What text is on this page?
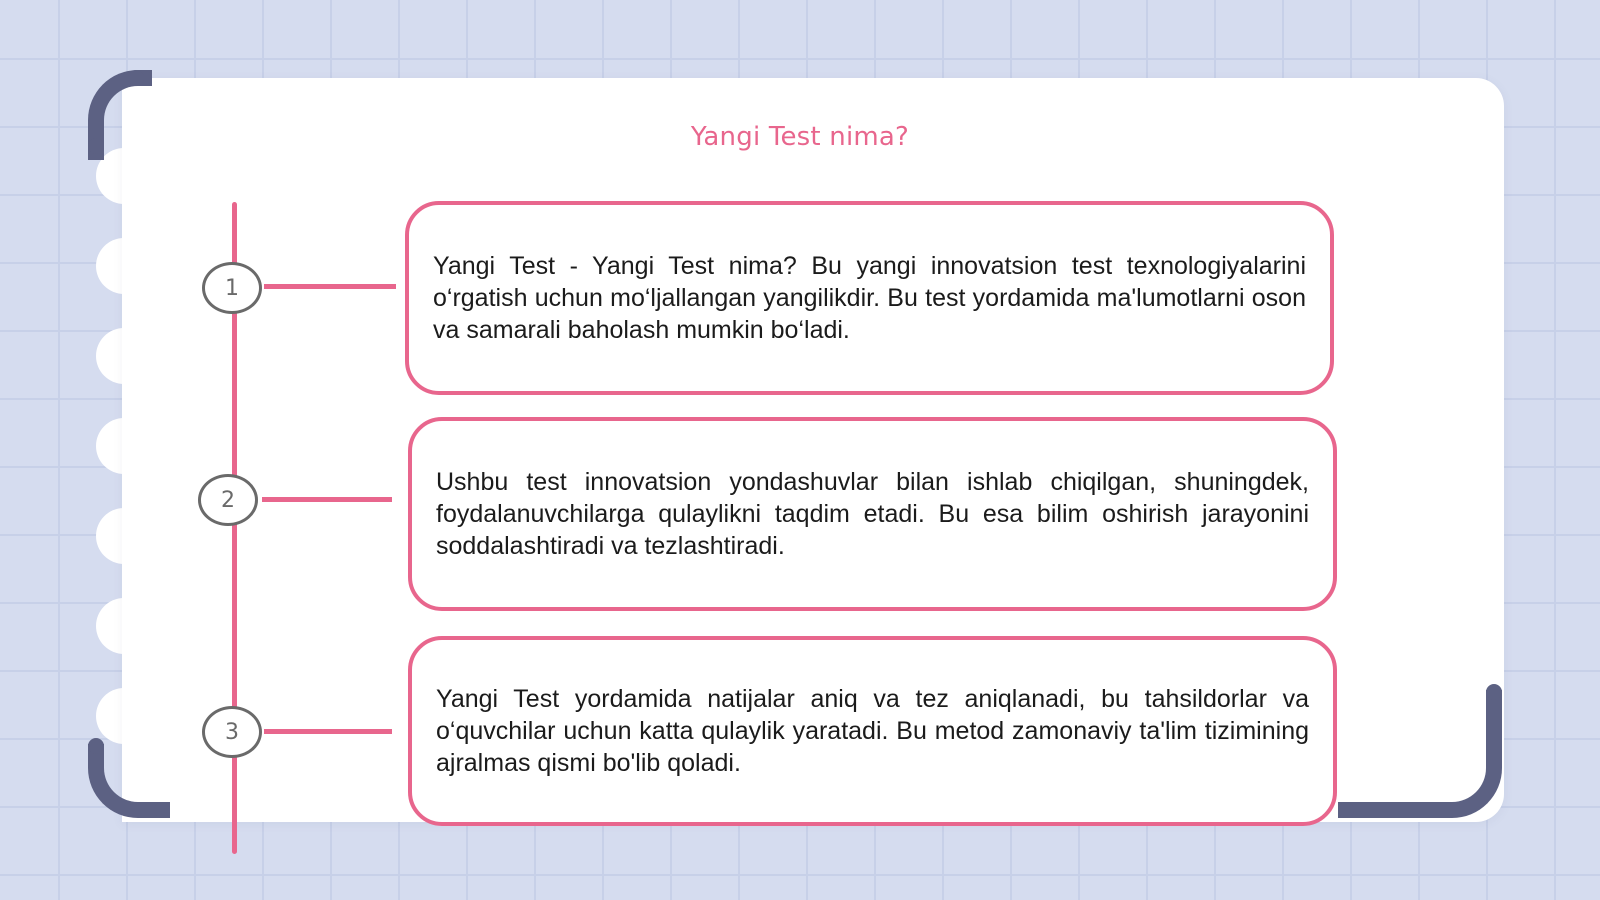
Yangi Test nima?
1

Yangi Test - Yangi Test nima? Bu yangi innovatsion test texnologiyalarini o‘rgatish uchun mo‘ljallangan yangilikdir. Bu test yordamida ma'lumotlarni oson va samarali baholash mumkin bo‘ladi.

2

Ushbu test innovatsion yondashuvlar bilan ishlab chiqilgan, shuningdek, foydalanuvchilarga qulaylikni taqdim etadi. Bu esa bilim oshirish jarayonini soddalashtiradi va tezlashtiradi.

3

Yangi Test yordamida natijalar aniq va tez aniqlanadi, bu tahsildorlar va o‘quvchilar uchun katta qulaylik yaratadi. Bu metod zamonaviy ta'lim tizimining ajralmas qismi bo'lib qoladi.
